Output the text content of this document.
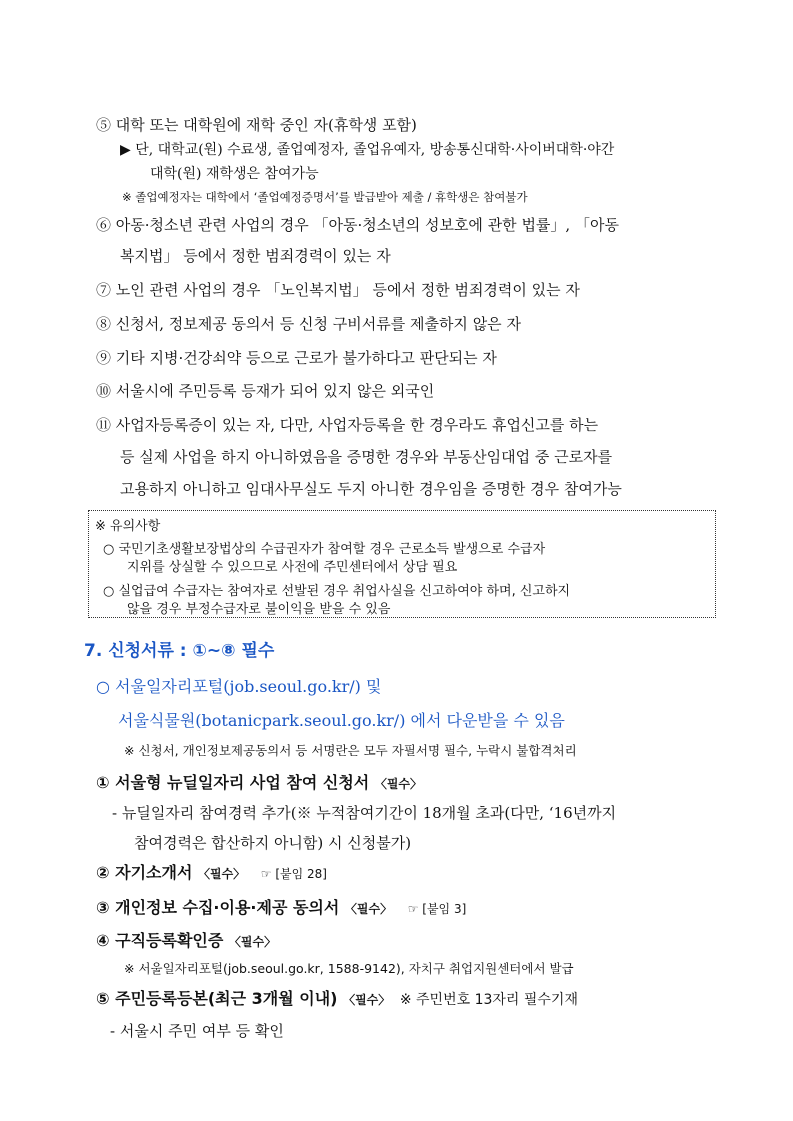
⑤ 대학 또는 대학원에 재학 중인 자(휴학생 포함)
▶ 단, 대학교(원) 수료생, 졸업예정자, 졸업유예자, 방송통신대학·사이버대학·야간
대학(원) 재학생은 참여가능
※ 졸업예정자는 대학에서 ‘졸업예정증명서’를 발급받아 제출 / 휴학생은 참여불가
⑥ 아동·청소년 관련 사업의 경우 「아동·청소년의 성보호에 관한 법률」, 「아동
복지법」 등에서 정한 범죄경력이 있는 자
⑦ 노인 관련 사업의 경우 「노인복지법」 등에서 정한 범죄경력이 있는 자
⑧ 신청서, 정보제공 동의서 등 신청 구비서류를 제출하지 않은 자
⑨ 기타 지병·건강쇠약 등으로 근로가 불가하다고 판단되는 자
⑩ 서울시에 주민등록 등재가 되어 있지 않은 외국인
⑪ 사업자등록증이 있는 자, 다만, 사업자등록을 한 경우라도 휴업신고를 하는
등 실제 사업을 하지 아니하였음을 증명한 경우와 부동산임대업 중 근로자를
고용하지 아니하고 임대사무실도 두지 아니한 경우임을 증명한 경우 참여가능
※ 유의사항
○ 국민기초생활보장법상의 수급권자가 참여할 경우 근로소득 발생으로 수급자
지위를 상실할 수 있으므로 사전에 주민센터에서 상담 필요
○ 실업급여 수급자는 참여자로 선발된 경우 취업사실을 신고하여야 하며, 신고하지
않을 경우 부정수급자로 불이익을 받을 수 있음
7. 신청서류 : ①~⑧ 필수
○ 서울일자리포털(job.seoul.go.kr/) 및
서울식물원(botanicpark.seoul.go.kr/) 에서 다운받을 수 있음
※ 신청서, 개인정보제공동의서 등 서명란은 모두 자필서명 필수, 누락시 불합격처리
① 서울형 뉴딜일자리 사업 참여 신청서 〈필수〉
- 뉴딜일자리 참여경력 추가(※ 누적참여기간이 18개월 초과(다만, ‘16년까지
참여경력은 합산하지 아니함) 시 신청불가)
② 자기소개서 〈필수〉 ☞ [붙임 28]
③ 개인정보 수집·이용·제공 동의서 〈필수〉 ☞ [붙임 3]
④ 구직등록확인증 〈필수〉
※ 서울일자리포털(job.seoul.go.kr, 1588-9142), 자치구 취업지원센터에서 발급
⑤ 주민등록등본(최근 3개월 이내) 〈필수〉 ※ 주민번호 13자리 필수기재
- 서울시 주민 여부 등 확인
